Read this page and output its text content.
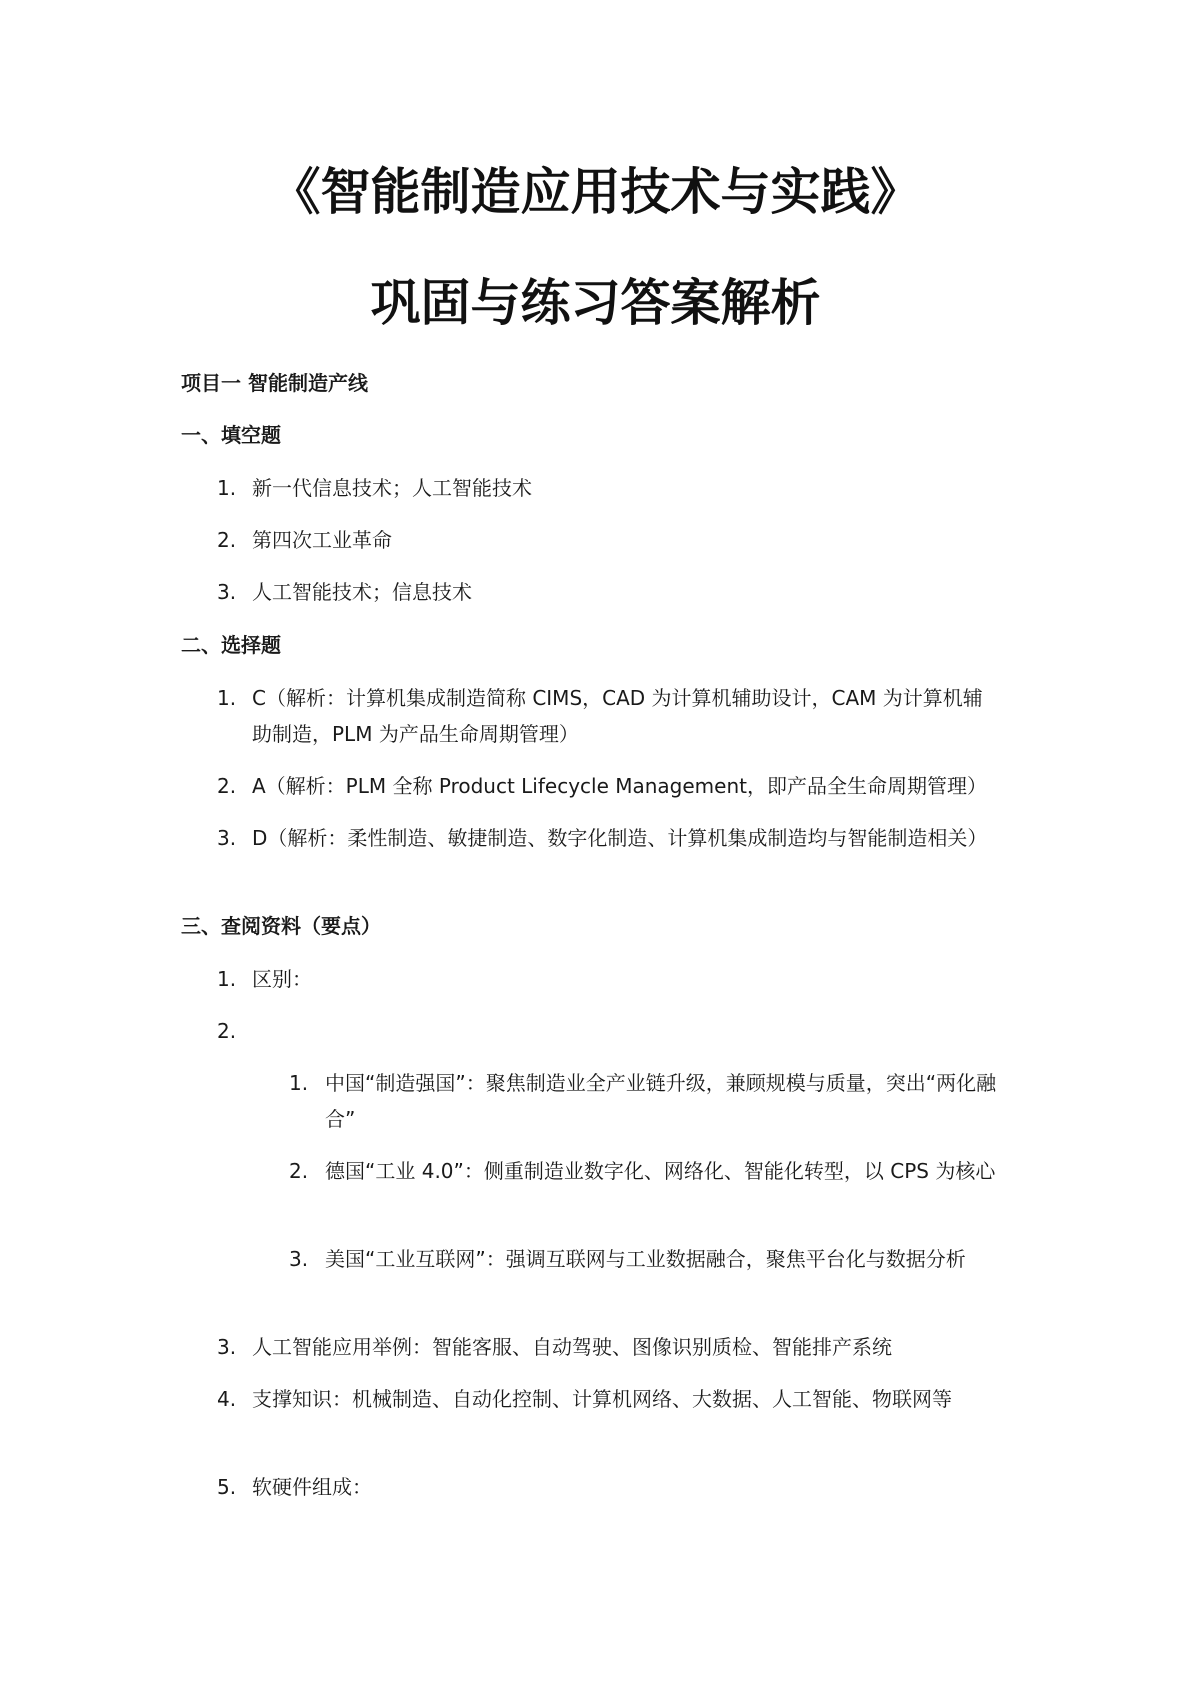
《智能制造应用技术与实践》
巩固与练习答案解析
项目一 智能制造产线
一、填空题
1. 新一代信息技术；人工智能技术
2. 第四次工业革命
3. 人工智能技术；信息技术
二、选择题
1. C（解析：计算机集成制造简称 CIMS，CAD 为计算机辅助设计，CAM 为计算机辅助制造，PLM 为产品生命周期管理）
2. A（解析：PLM 全称 Product Lifecycle Management，即产品全生命周期管理）
3. D（解析：柔性制造、敏捷制造、数字化制造、计算机集成制造均与智能制造相关）
三、查阅资料（要点）
1. 区别：
2.
1. 中国“制造强国”：聚焦制造业全产业链升级，兼顾规模与质量，突出“两化融合”
2. 德国“工业 4.0”：侧重制造业数字化、网络化、智能化转型，以 CPS 为核心
3. 美国“工业互联网”：强调互联网与工业数据融合，聚焦平台化与数据分析
3. 人工智能应用举例：智能客服、自动驾驶、图像识别质检、智能排产系统
4. 支撑知识：机械制造、自动化控制、计算机网络、大数据、人工智能、物联网等
5. 软硬件组成：
